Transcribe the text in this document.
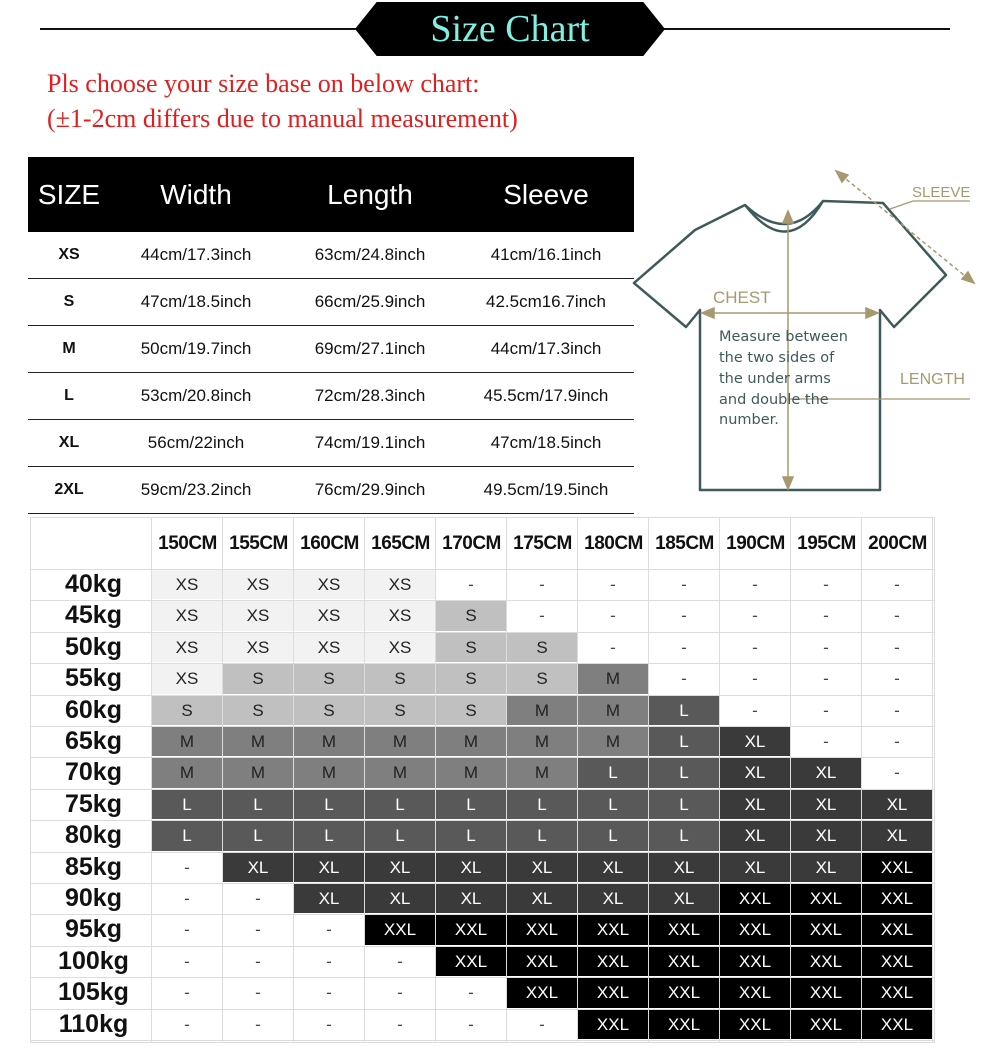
Size Chart
Pls choose your size base on below chart:
(±1-2cm differs due to manual measurement)
SIZE	Width	Length	Sleeve
XS	44cm/17.3inch	63cm/24.8inch	41cm/16.1inch
S	47cm/18.5inch	66cm/25.9inch	42.5cm16.7inch
M	50cm/19.7inch	69cm/27.1inch	44cm/17.3inch
L	53cm/20.8inch	72cm/28.3inch	45.5cm/17.9inch
XL	56cm/22inch	74cm/19.1inch	47cm/18.5inch
2XL	59cm/23.2inch	76cm/29.9inch	49.5cm/19.5inch
SLEEVE
CHEST
LENGTH
Measure between
the two sides of
the under arms
and double the
number.
150CM 155CM 160CM 165CM 170CM 175CM 180CM 185CM 190CM 195CM 200CM
40kg	XS	XS	XS	XS	-	-	-	-	-	-	-
45kg	XS	XS	XS	XS	S	-	-	-	-	-	-
50kg	XS	XS	XS	XS	S	S	-	-	-	-	-
55kg	XS	S	S	S	S	S	M	-	-	-	-
60kg	S	S	S	S	S	M	M	L	-	-	-
65kg	M	M	M	M	M	M	M	L	XL	-	-
70kg	M	M	M	M	M	M	L	L	XL	XL	-
75kg	L	L	L	L	L	L	L	L	XL	XL	XL
80kg	L	L	L	L	L	L	L	L	XL	XL	XL
85kg	-	XL	XL	XL	XL	XL	XL	XL	XL	XL	XXL
90kg	-	-	XL	XL	XL	XL	XL	XL	XXL	XXL	XXL
95kg	-	-	-	XXL	XXL	XXL	XXL	XXL	XXL	XXL	XXL
100kg	-	-	-	-	XXL	XXL	XXL	XXL	XXL	XXL	XXL
105kg	-	-	-	-	-	XXL	XXL	XXL	XXL	XXL	XXL
110kg	-	-	-	-	-	-	XXL	XXL	XXL	XXL	XXL
